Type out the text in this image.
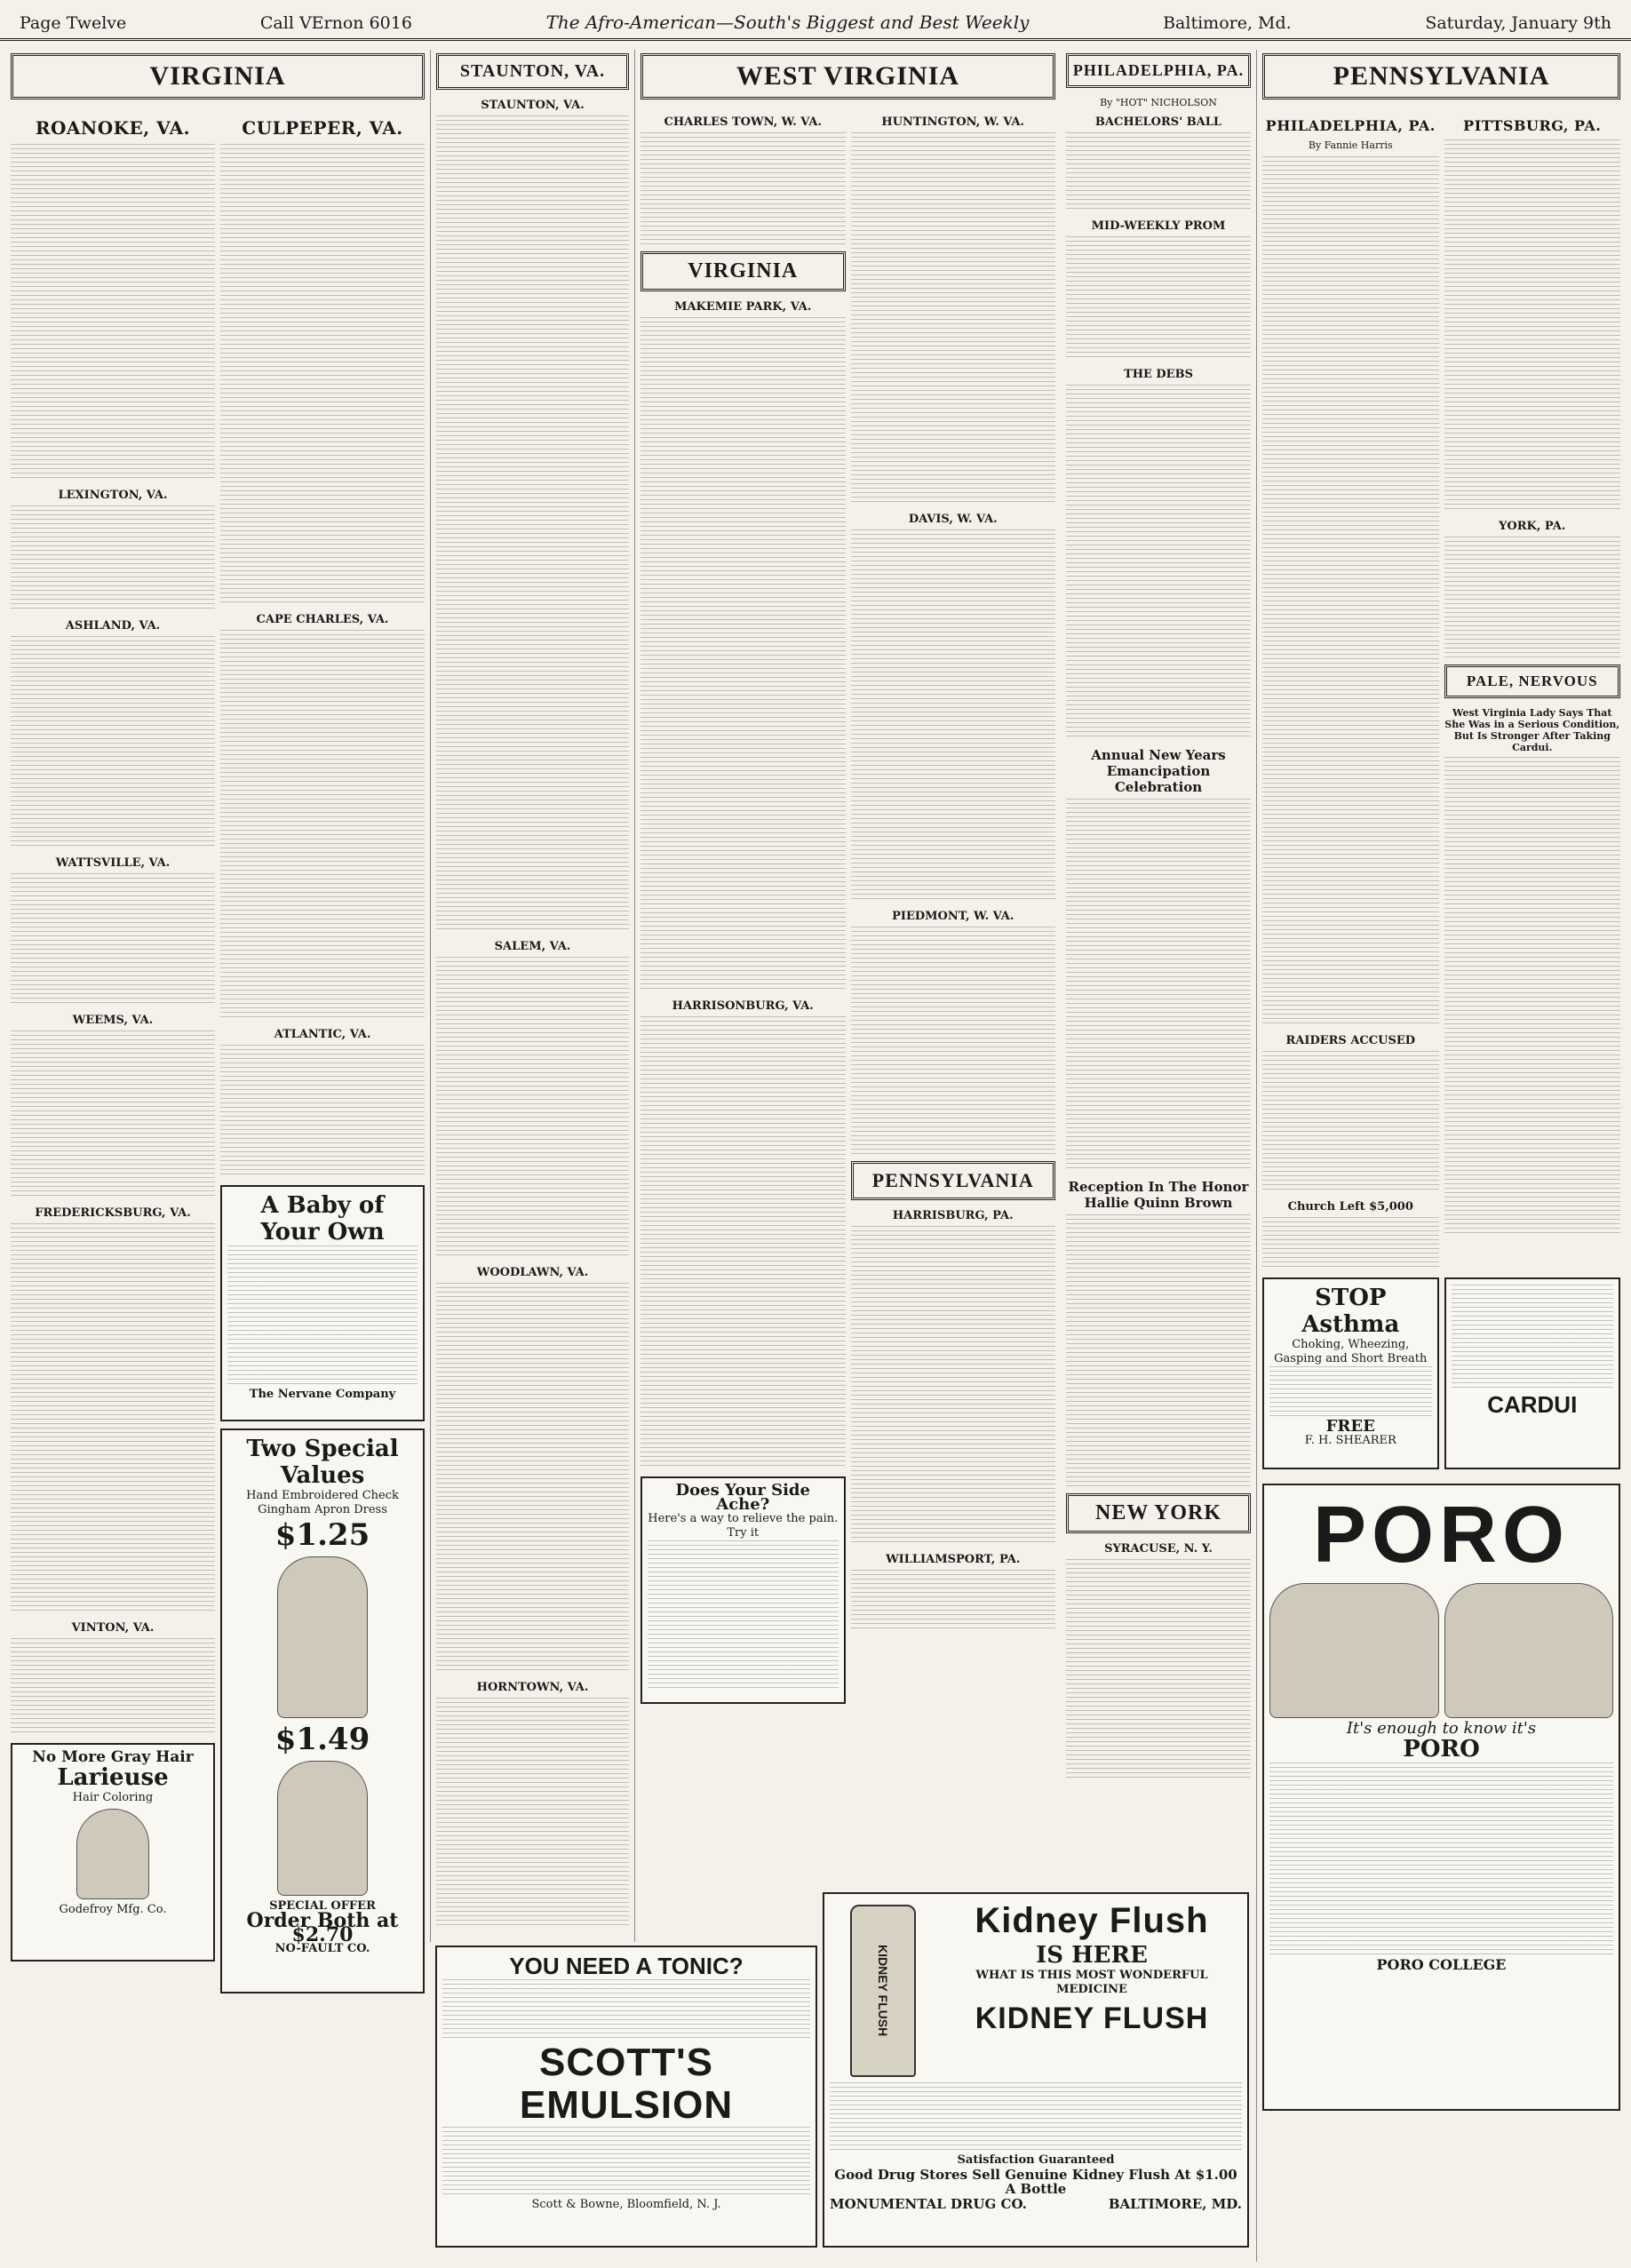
Page Twelve	Call VErnon 6016	The Afro-American—South's Biggest and Best Weekly	Baltimore, Md.	Saturday, January 9th
VIRGINIA
ROANOKE, VA.
LEXINGTON, VA.
ASHLAND, VA.
WATTSVILLE, VA.
WEEMS, VA.
FREDERICKSBURG, VA.
VINTON, VA.
No More Gray Hair
Larieuse
Hair Coloring
Godefroy Mfg. Co.
CULPEPER, VA.
CAPE CHARLES, VA.
ATLANTIC, VA.
A Baby of Your Own
The Nervane Company
Two Special Values
Hand Embroidered Check Gingham Apron Dress
$1.25
$1.49
SPECIAL OFFER
Order Both at $2.70
NO-FAULT CO.
STAUNTON, VA.
STAUNTON, VA.
SALEM, VA.
WOODLAWN, VA.
HORNTOWN, VA.
WEST VIRGINIA
CHARLES TOWN, W. VA.
VIRGINIA
MAKEMIE PARK, VA.
HARRISONBURG, VA.
Does Your Side Ache?
Here's a way to relieve the pain. Try it
HUNTINGTON, W. VA.
DAVIS, W. VA.
PIEDMONT, W. VA.
PENNSYLVANIA
HARRISBURG, PA.
WILLIAMSPORT, PA.
YOU NEED A TONIC?
SCOTT'S EMULSION
Scott & Bowne, Bloomfield, N. J.
KIDNEY FLUSH
Kidney Flush
IS HERE
WHAT IS THIS MOST WONDERFUL MEDICINE
KIDNEY FLUSH
Satisfaction Guaranteed
Good Drug Stores Sell Genuine Kidney Flush At $1.00 A Bottle
MONUMENTAL DRUG CO.	BALTIMORE, MD.
PHILADELPHIA, PA.
By "HOT" NICHOLSON
BACHELORS' BALL
MID-WEEKLY PROM
THE DEBS
Annual New Years Emancipation Celebration
Reception In The Honor Hallie Quinn Brown
NEW YORK
SYRACUSE, N. Y.
PENNSYLVANIA
PHILADELPHIA, PA.
By Fannie Harris
RAIDERS ACCUSED
Church Left $5,000
PITTSBURG, PA.
YORK, PA.
PALE, NERVOUS
West Virginia Lady Says That She Was in a Serious Condition, But Is Stronger After Taking Cardui.
STOP Asthma
Choking, Wheezing, Gasping and Short Breath
FREE
F. H. SHEARER
CARDUI
PORO
It's enough to know it's
PORO
PORO COLLEGE
